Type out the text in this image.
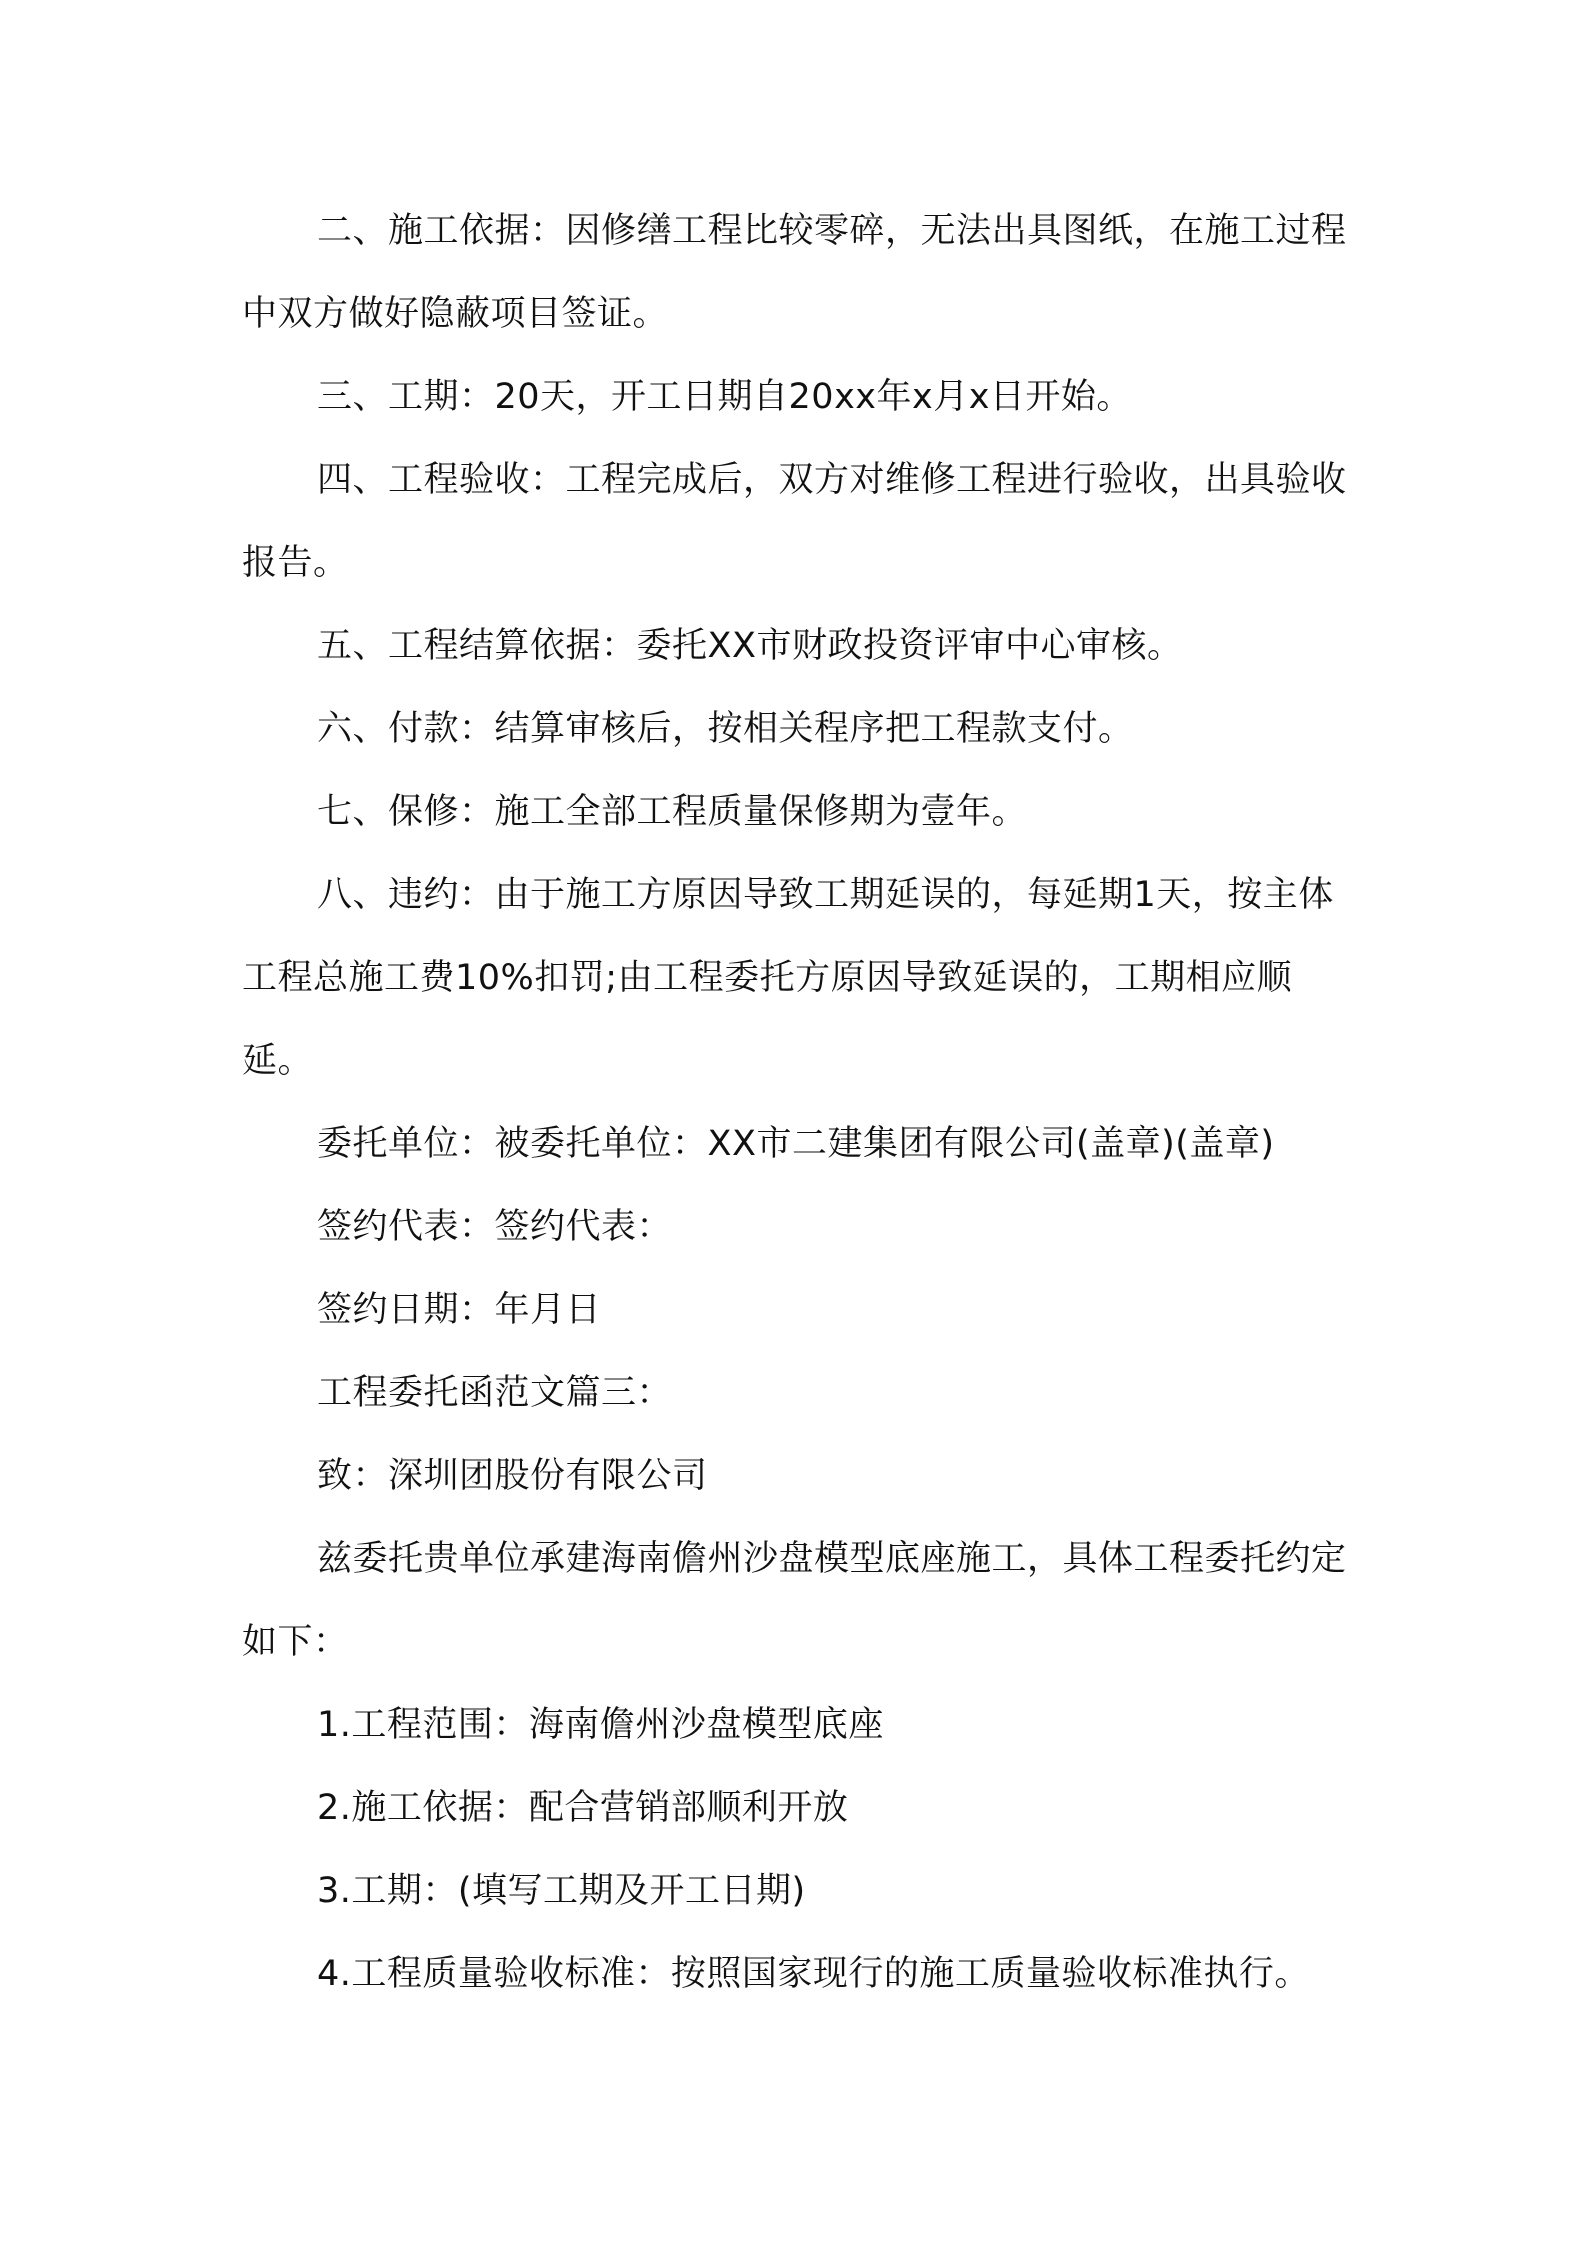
二、施工依据：因修缮工程比较零碎，无法出具图纸，在施工过程中双方做好隐蔽项目签证。

三、工期：20天，开工日期自20xx年x月x日开始。

四、工程验收：工程完成后，双方对维修工程进行验收，出具验收报告。

五、工程结算依据：委托XX市财政投资评审中心审核。

六、付款：结算审核后，按相关程序把工程款支付。

七、保修：施工全部工程质量保修期为壹年。

八、违约：由于施工方原因导致工期延误的，每延期1天，按主体工程总施工费10%扣罚;由工程委托方原因导致延误的，工期相应顺延。

委托单位：被委托单位：XX市二建集团有限公司(盖章)(盖章)

签约代表：签约代表：

签约日期：年月日

工程委托函范文篇三：

致：深圳团股份有限公司

兹委托贵单位承建海南儋州沙盘模型底座施工，具体工程委托约定如下：

1.工程范围：海南儋州沙盘模型底座

2.施工依据：配合营销部顺利开放

3.工期：(填写工期及开工日期)

4.工程质量验收标准：按照国家现行的施工质量验收标准执行。
